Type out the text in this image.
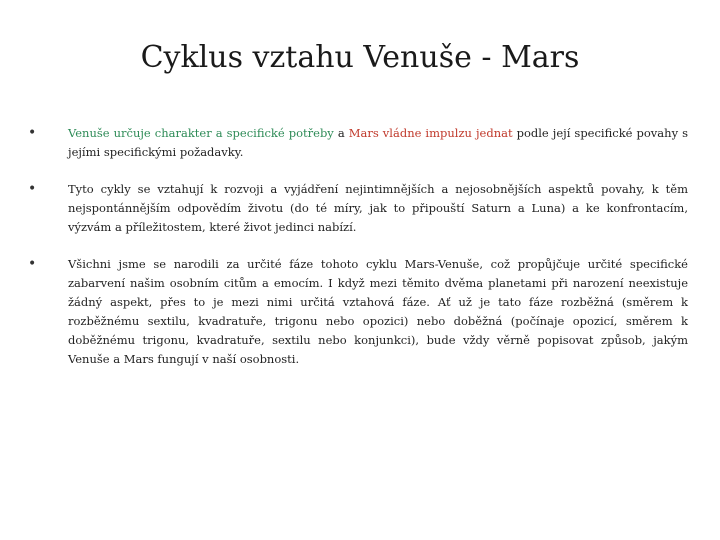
Cyklus vztahu Venuše - Mars
•	Venuše určuje charakter a specifické potřeby a Mars vládne impulzu jednat podle její specifické povahy s jejími specifickými požadavky.
•	Tyto cykly se vztahují k rozvoji a vyjádření nejintimnějších a nejosobnějších aspektů povahy, k těm nejspontánnějším odpovědím životu (do té míry, jak to připouští Saturn a Luna) a ke konfrontacím, výzvám a příležitostem, které život jedinci nabízí.
•	Všichni jsme se narodili za určité fáze tohoto cyklu Mars-Venuše, což propůjčuje určité specifické zabarvení našim osobním citům a emocím. I když mezi těmito dvěma planetami při narození neexistuje žádný aspekt, přes to je mezi nimi určitá vztahová fáze. Ať už je tato fáze rozběžná (směrem k rozběžnému sextilu, kvadratuře, trigonu nebo opozici) nebo doběžná (počínaje opozicí, směrem k doběžnému trigonu, kvadratuře, sextilu nebo konjunkci), bude vždy věrně popisovat způsob, jakým Venuše a Mars fungují v naší osobnosti.
